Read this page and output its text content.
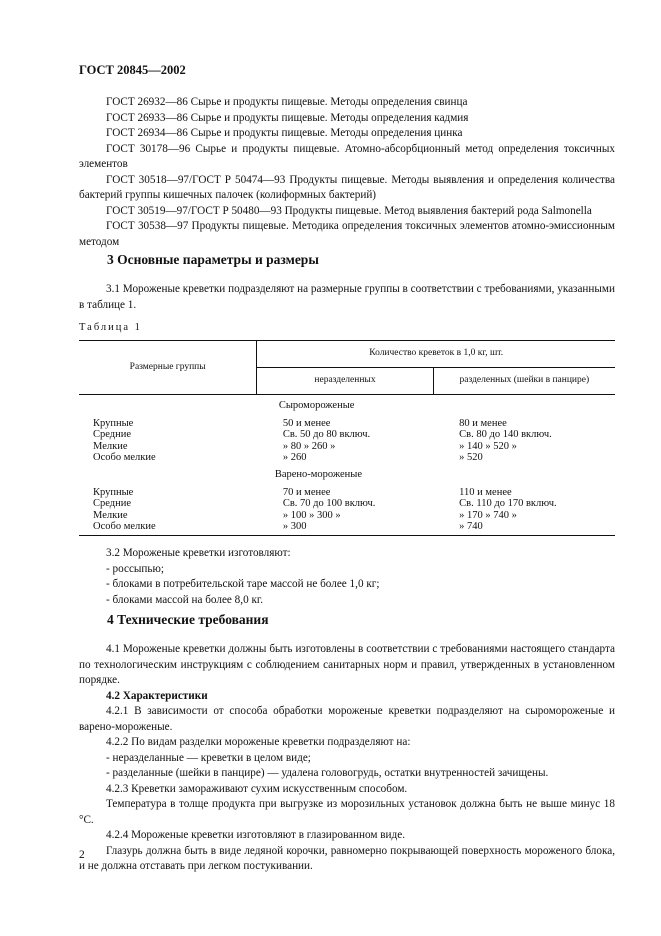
ГОСТ 20845—2002

ГОСТ 26932—86 Сырье и продукты пищевые. Методы определения свинца

ГОСТ 26933—86 Сырье и продукты пищевые. Методы определения кадмия

ГОСТ 26934—86 Сырье и продукты пищевые. Методы определения цинка

ГОСТ 30178—96 Сырье и продукты пищевые. Атомно-абсорбционный метод определения токсичных элементов

ГОСТ 30518—97/ГОСТ Р 50474—93 Продукты пищевые. Методы выявления и определения количества бактерий группы кишечных палочек (колиформных бактерий)

ГОСТ 30519—97/ГОСТ Р 50480—93 Продукты пищевые. Метод выявления бактерий рода Salmonella

ГОСТ 30538—97 Продукты пищевые. Методика определения токсичных элементов атомно-эмиссионным методом

3 Основные параметры и размеры

3.1 Мороженые креветки подразделяют на размерные группы в соответствии с требованиями, указанными в таблице 1.

Таблица 1
Размерные группы	Количество креветок в 1,0 кг, шт.	
	неразделенных	разделенных (шейки в панцире)
	Сыромороженые	
Крупные	50 и менее	80 и менее
Средние	Св. 50 до 80 включ.	Св. 80 до 140 включ.
Мелкие	» 80 » 260 »	» 140 » 520 »
Особо мелкие	» 260	» 520
	Варено-мороженые	
Крупные	70 и менее	110 и менее
Средние	Св. 70 до 100 включ.	Св. 110 до 170 включ.
Мелкие	» 100 » 300 »	» 170 » 740 »
Особо мелкие	» 300	» 740

3.2 Мороженые креветки изготовляют:

- россыпью;

- блоками в потребительской таре массой не более 1,0 кг;

- блоками массой на более 8,0 кг.

4 Технические требования

4.1 Мороженые креветки должны быть изготовлены в соответствии с требованиями настоящего стандарта по технологическим инструкциям с соблюдением санитарных норм и правил, утвержденных в установленном порядке.

4.2 Характеристики

4.2.1 В зависимости от способа обработки мороженые креветки подразделяют на сыромороженые и варено-мороженые.

4.2.2 По видам разделки мороженые креветки подразделяют на:

- неразделанные — креветки в целом виде;

- разделанные (шейки в панцире) — удалена головогрудь, остатки внутренностей зачищены.

4.2.3 Креветки замораживают сухим искусственным способом.

Температура в толще продукта при выгрузке из морозильных установок должна быть не выше минус 18 °С.

4.2.4 Мороженые креветки изготовляют в глазированном виде.

Глазурь должна быть в виде ледяной корочки, равномерно покрывающей поверхность мороженого блока, и не должна отставать при легком постукивании.

2
